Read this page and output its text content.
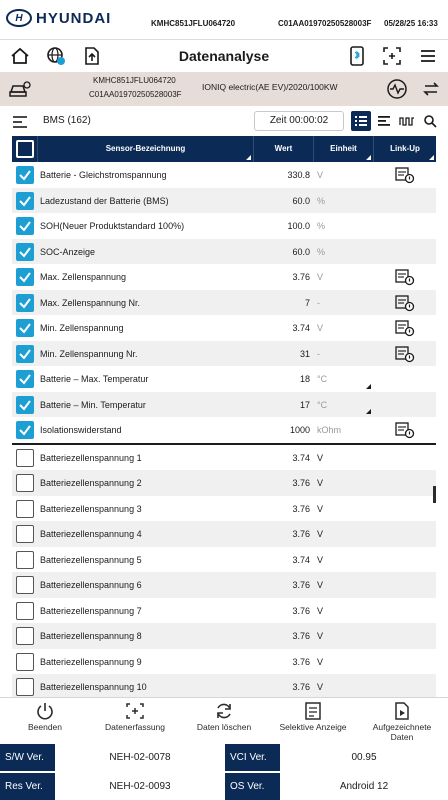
H HYUNDAI	KMHC851JFLU064720	C01AA01970250528003F 05/28/25 16:33
Datenanalyse
KMHC851JFLU064720
C01AA01970250528003F
IONIQ electric(AE EV)/2020/100KW
BMS (162)	Zeit 00:00:02
Sensor-Bezeichnung	Wert	Einheit	Link-Up
Batterie - Gleichstromspannung	330.8 V
Ladezustand der Batterie (BMS)	60.0 %
SOH(Neuer Produktstandard 100%)	100.0 %
SOC-Anzeige	60.0 %
Max. Zellenspannung	3.76 V
Max. Zellenspannung Nr.	7 -
Min. Zellenspannung	3.74 V
Min. Zellenspannung Nr.	31 -
Batterie – Max. Temperatur	18 °C
Batterie – Min. Temperatur	17 °C
Isolationswiderstand	1000 kOhm
Batteriezellenspannung 1	3.74 V
Batteriezellenspannung 2	3.76 V
Batteriezellenspannung 3	3.76 V
Batteriezellenspannung 4	3.76 V
Batteriezellenspannung 5	3.74 V
Batteriezellenspannung 6	3.76 V
Batteriezellenspannung 7	3.76 V
Batteriezellenspannung 8	3.76 V
Batteriezellenspannung 9	3.76 V
Batteriezellenspannung 10	3.76 V
Beenden	Datenerfassung	Daten löschen	Selektive Anzeige	Aufgezeichnete
Daten
S/W Ver.	NEH-02-0078	VCI Ver.	00.95
Res Ver.	NEH-02-0093	OS Ver.	Android 12
